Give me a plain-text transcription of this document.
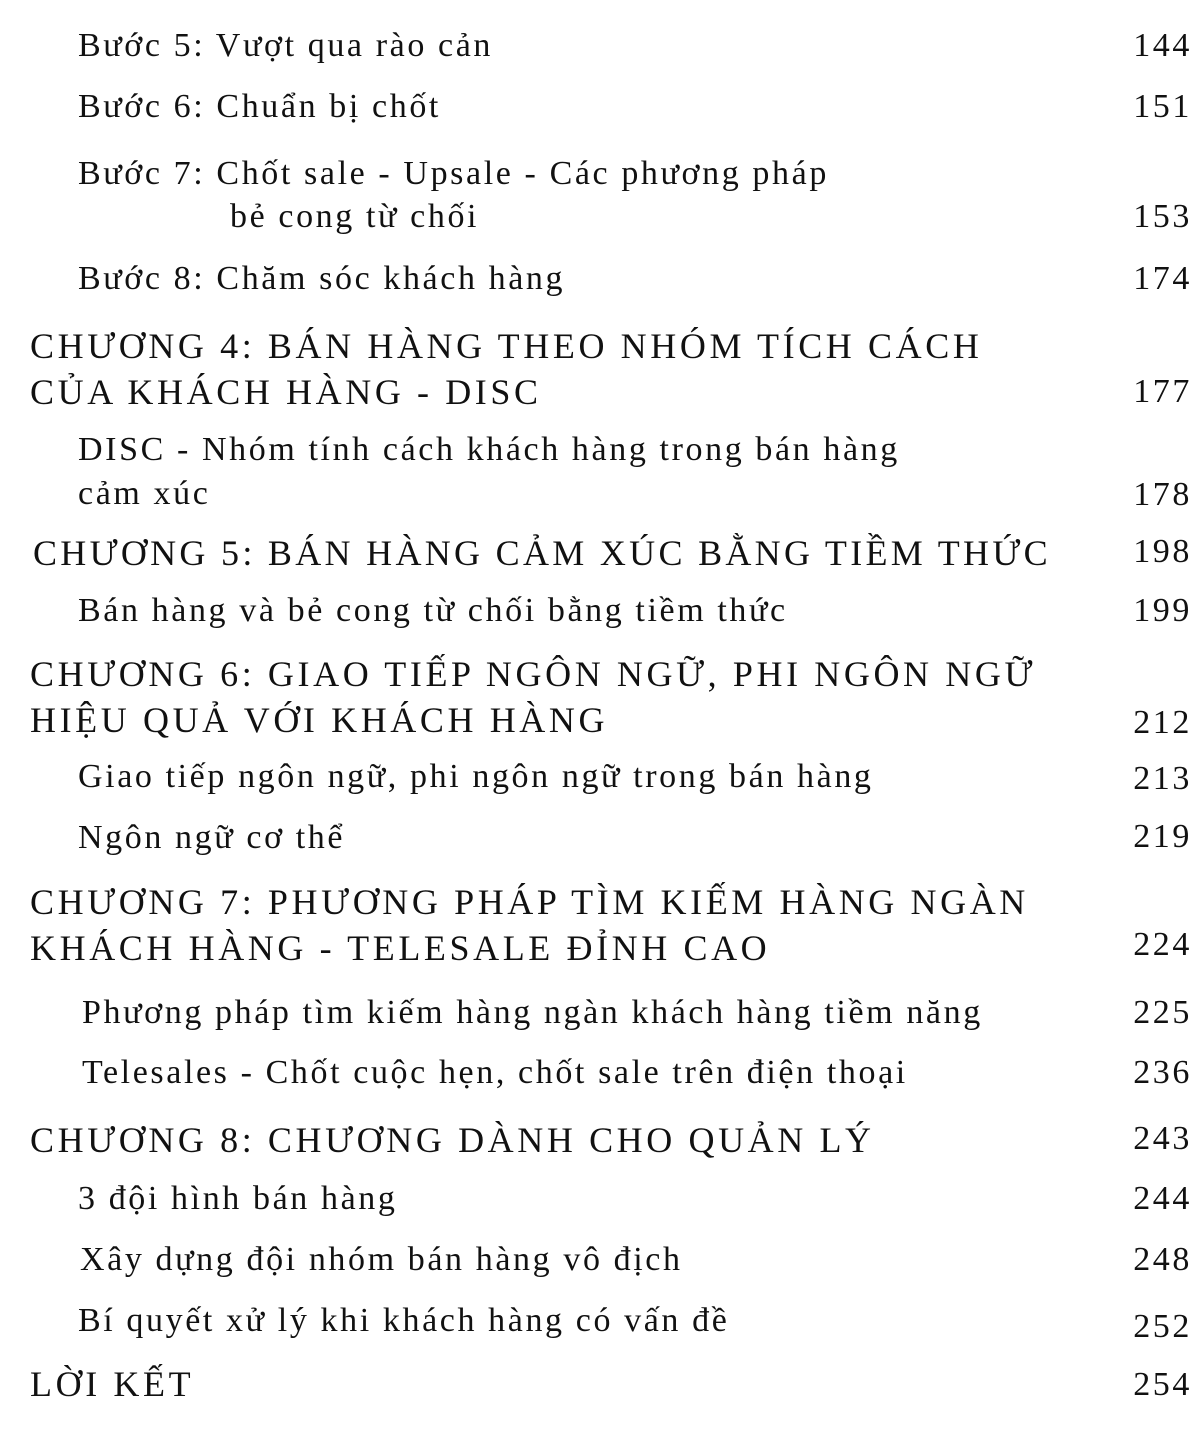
Bước 5: Vượt qua rào cản	144
Bước 6: Chuẩn bị chốt	151
Bước 7: Chốt sale - Upsale - Các phương pháp
bẻ cong từ chối	153
Bước 8: Chăm sóc khách hàng	174
CHƯƠNG 4: BÁN HÀNG THEO NHÓM TÍCH CÁCH
CỦA KHÁCH HÀNG - DISC	177
DISC - Nhóm tính cách khách hàng trong bán hàng
cảm xúc	178
CHƯƠNG 5: BÁN HÀNG CẢM XÚC BẰNG TIỀM THỨC 198
Bán hàng và bẻ cong từ chối bằng tiềm thức	199
CHƯƠNG 6: GIAO TIẾP NGÔN NGỮ, PHI NGÔN NGỮ
HIỆU QUẢ VỚI KHÁCH HÀNG	212
Giao tiếp ngôn ngữ, phi ngôn ngữ trong bán hàng	213
Ngôn ngữ cơ thể	219
CHƯƠNG 7: PHƯƠNG PHÁP TÌM KIẾM HÀNG NGÀN
KHÁCH HÀNG - TELESALE ĐỈNH CAO	224
Phương pháp tìm kiếm hàng ngàn khách hàng tiềm năng	225
Telesales - Chốt cuộc hẹn, chốt sale trên điện thoại	236
CHƯƠNG 8: CHƯƠNG DÀNH CHO QUẢN LÝ	243
3 đội hình bán hàng	244
Xây dựng đội nhóm bán hàng vô địch	248
Bí quyết xử lý khi khách hàng có vấn đề	252
LỜI KẾT	254
